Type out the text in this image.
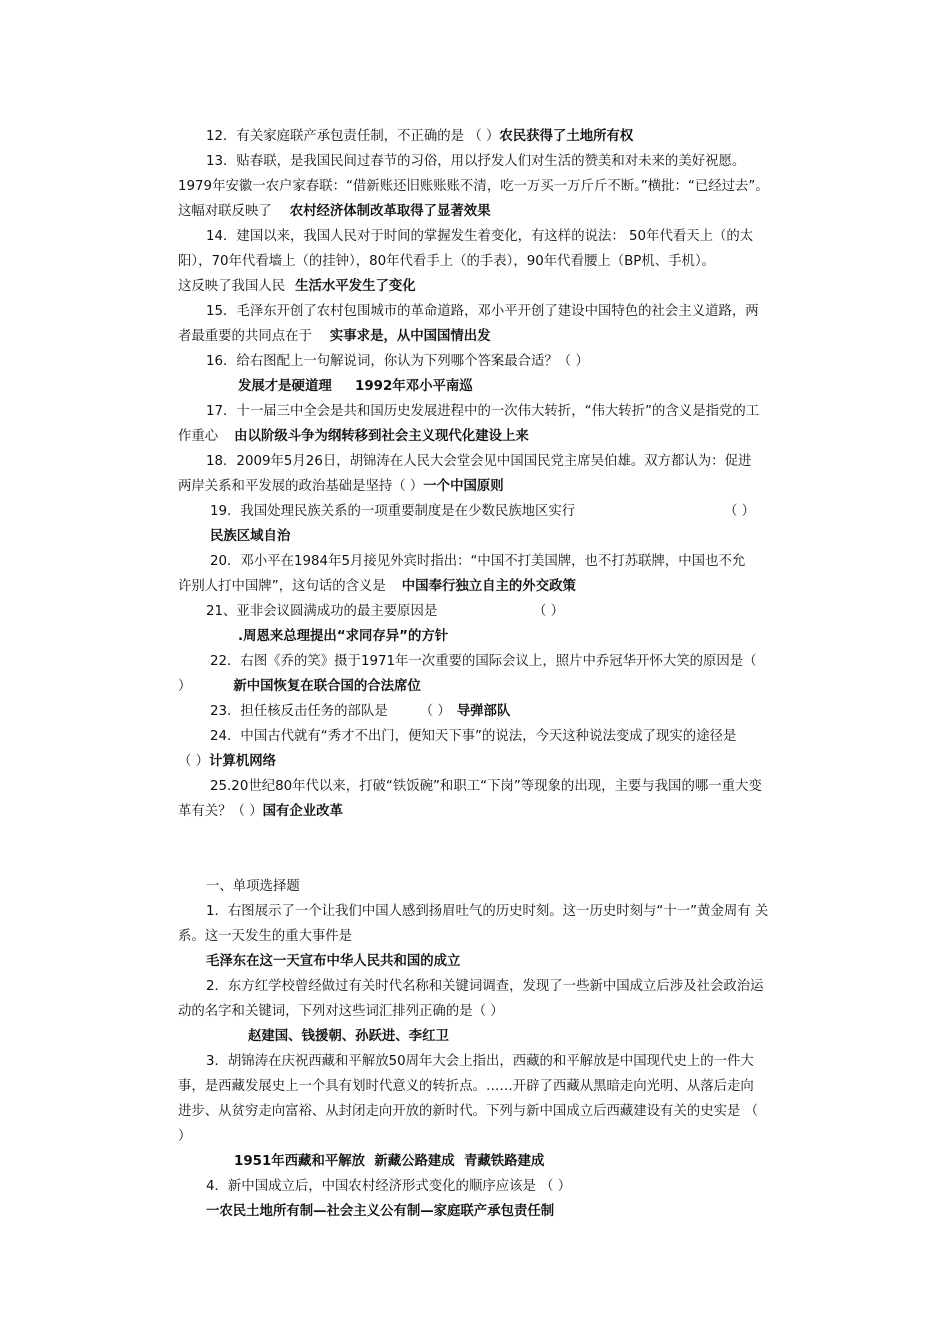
12．有关家庭联产承包责任制，不正确的是 （ ）农民获得了土地所有权
13．贴春联，是我国民间过春节的习俗，用以抒发人们对生活的赞美和对未来的美好祝愿。
1979年安徽一农户家春联：“借新账还旧账账账不清，吃一万买一万斤斤不断。”横批：“已经过去”。
这幅对联反映了 农村经济体制改革取得了显著效果
14．建国以来，我国人民对于时间的掌握发生着变化，有这样的说法： 50年代看天上（的太
阳），70年代看墙上（的挂钟），80年代看手上（的手表），90年代看腰上（BP机、手机）。
这反映了我国人民 生活水平发生了变化
15．毛泽东开创了农村包围城市的革命道路，邓小平开创了建设中国特色的社会主义道路，两
者最重要的共同点在于 实事求是，从中国国情出发
16．给右图配上一句解说词，你认为下列哪个答案最合适？（ ）
发展才是硬道理     1992年邓小平南巡
17．十一届三中全会是共和国历史发展进程中的一次伟大转折，“伟大转折”的含义是指党的工
作重心 由以阶级斗争为纲转移到社会主义现代化建设上来
18．2009年5月26日，胡锦涛在人民大会堂会见中国国民党主席吴伯雄。双方都认为：促进
两岸关系和平发展的政治基础是坚持（ ）一个中国原则
19．我国处理民族关系的一项重要制度是在少数民族地区实行	（ ）
民族区域自治
20．邓小平在1984年5月接见外宾时指出：“中国不打美国牌，也不打苏联牌，中国也不允
许别人打中国牌”，这句话的含义是 中国奉行独立自主的外交政策
21、亚非会议圆满成功的最主要原因是	（ ）
.周恩来总理提出“求同存异”的方针
22．右图《乔的笑》摄于1971年一次重要的国际会议上，照片中乔冠华开怀大笑的原因是（
）	新中国恢复在联合国的合法席位
23．担任核反击任务的部队是 （ ） 导弹部队
24．中国古代就有“秀才不出门，便知天下事”的说法，今天这种说法变成了现实的途径是
（ ）计算机网络
25.20世纪80年代以来，打破“铁饭碗”和职工“下岗”等现象的出现，主要与我国的哪一重大变
革有关？（ ）国有企业改革
一、单项选择题
1．右图展示了一个让我们中国人感到扬眉吐气的历史时刻。这一历史时刻与“十一”黄金周有 关
系。这一天发生的重大事件是
毛泽东在这一天宣布中华人民共和国的成立
2．东方红学校曾经做过有关时代名称和关键词调查，发现了一些新中国成立后涉及社会政治运
动的名字和关键词，下列对这些词汇排列正确的是（ ）
赵建国、钱援朝、孙跃进、李红卫
3．胡锦涛在庆祝西藏和平解放50周年大会上指出，西藏的和平解放是中国现代史上的一件大
事，是西藏发展史上一个具有划时代意义的转折点。……开辟了西藏从黑暗走向光明、从落后走向
进步、从贫穷走向富裕、从封闭走向开放的新时代。下列与新中国成立后西藏建设有关的史实是 （
）
1951年西藏和平解放  新藏公路建成  青藏铁路建成
4．新中国成立后，中国农村经济形式变化的顺序应该是 （ ）
一农民土地所有制—社会主义公有制—家庭联产承包责任制
